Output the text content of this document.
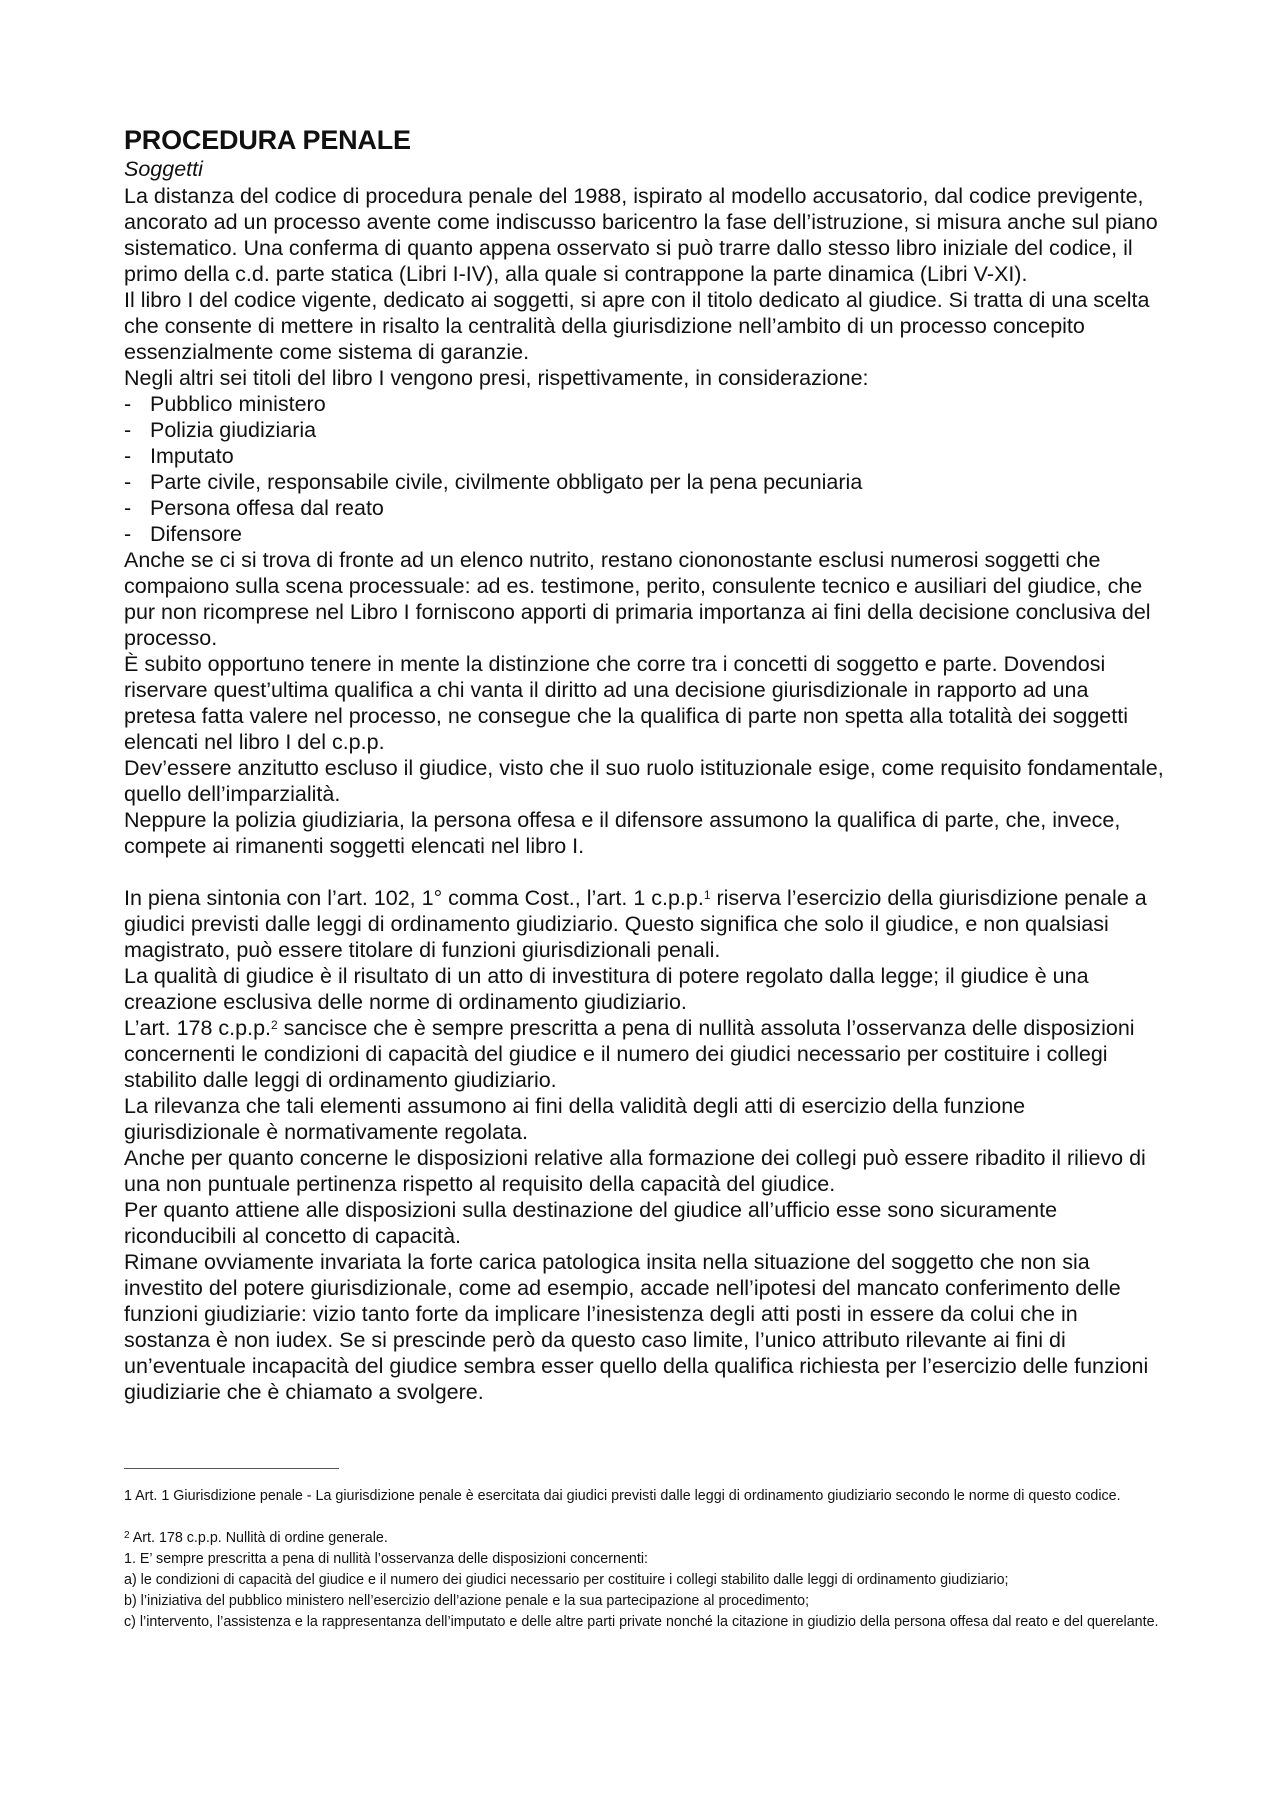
PROCEDURA PENALE
Soggetti

La distanza del codice di procedura penale del 1988, ispirato al modello accusatorio, dal codice previgente, ancorato ad un processo avente come indiscusso baricentro la fase dell’istruzione, si misura anche sul piano sistematico. Una conferma di quanto appena osservato si può trarre dallo stesso libro iniziale del codice, il primo della c.d. parte statica (Libri I-IV), alla quale si contrappone la parte dinamica (Libri V-XI).

Il libro I del codice vigente, dedicato ai soggetti, si apre con il titolo dedicato al giudice. Si tratta di una scelta che consente di mettere in risalto la centralità della giurisdizione nell’ambito di un processo concepito essenzialmente come sistema di garanzie.

Negli altri sei titoli del libro I vengono presi, rispettivamente, in considerazione:

- Pubblico ministero
- Polizia giudiziaria
- Imputato
- Parte civile, responsabile civile, civilmente obbligato per la pena pecuniaria
- Persona offesa dal reato
- Difensore

Anche se ci si trova di fronte ad un elenco nutrito, restano ciononostante esclusi numerosi soggetti che compaiono sulla scena processuale: ad es. testimone, perito, consulente tecnico e ausiliari del giudice, che pur non ricomprese nel Libro I forniscono apporti di primaria importanza ai fini della decisione conclusiva del processo.

È subito opportuno tenere in mente la distinzione che corre tra i concetti di soggetto e parte. Dovendosi riservare quest’ultima qualifica a chi vanta il diritto ad una decisione giurisdizionale in rapporto ad una pretesa fatta valere nel processo, ne consegue che la qualifica di parte non spetta alla totalità dei soggetti elencati nel libro I del c.p.p.

Dev’essere anzitutto escluso il giudice, visto che il suo ruolo istituzionale esige, come requisito fondamentale, quello dell’imparzialità.

Neppure la polizia giudiziaria, la persona offesa e il difensore assumono la qualifica di parte, che, invece, compete ai rimanenti soggetti elencati nel libro I.

In piena sintonia con l’art. 102, 1° comma Cost., l’art. 1 c.p.p.$^1$ riserva l’esercizio della giurisdizione penale a giudici previsti dalle leggi di ordinamento giudiziario. Questo significa che solo il giudice, e non qualsiasi magistrato, può essere titolare di funzioni giurisdizionali penali.

La qualità di giudice è il risultato di un atto di investitura di potere regolato dalla legge; il giudice è una creazione esclusiva delle norme di ordinamento giudiziario.

L’art. 178 c.p.p.$^2$ sancisce che è sempre prescritta a pena di nullità assoluta l’osservanza delle disposizioni concernenti le condizioni di capacità del giudice e il numero dei giudici necessario per costituire i collegi stabilito dalle leggi di ordinamento giudiziario.

La rilevanza che tali elementi assumono ai fini della validità degli atti di esercizio della funzione giurisdizionale è normativamente regolata.

Anche per quanto concerne le disposizioni relative alla formazione dei collegi può essere ribadito il rilievo di una non puntuale pertinenza rispetto al requisito della capacità del giudice.

Per quanto attiene alle disposizioni sulla destinazione del giudice all’ufficio esse sono sicuramente riconducibili al concetto di capacità.

Rimane ovviamente invariata la forte carica patologica insita nella situazione del soggetto che non sia investito del potere giurisdizionale, come ad esempio, accade nell’ipotesi del mancato conferimento delle funzioni giudiziarie: vizio tanto forte da implicare l’inesistenza degli atti posti in essere da colui che in sostanza è non iudex. Se si prescinde però da questo caso limite, l’unico attributo rilevante ai fini di un’eventuale incapacità del giudice sembra esser quello della qualifica richiesta per l’esercizio delle funzioni giudiziarie che è chiamato a svolgere.

1 Art. 1 Giurisdizione penale - La giurisdizione penale è esercitata dai giudici previsti dalle leggi di ordinamento giudiziario secondo le norme di questo codice.

$^2$ Art. 178 c.p.p. Nullità di ordine generale.

1. E’ sempre prescritta a pena di nullità l’osservanza delle disposizioni concernenti:

a) le condizioni di capacità del giudice e il numero dei giudici necessario per costituire i collegi stabilito dalle leggi di ordinamento giudiziario;

b) l’iniziativa del pubblico ministero nell’esercizio dell’azione penale e la sua partecipazione al procedimento;

c) l’intervento, l’assistenza e la rappresentanza dell’imputato e delle altre parti private nonché la citazione in giudizio della persona offesa dal reato e del querelante.
